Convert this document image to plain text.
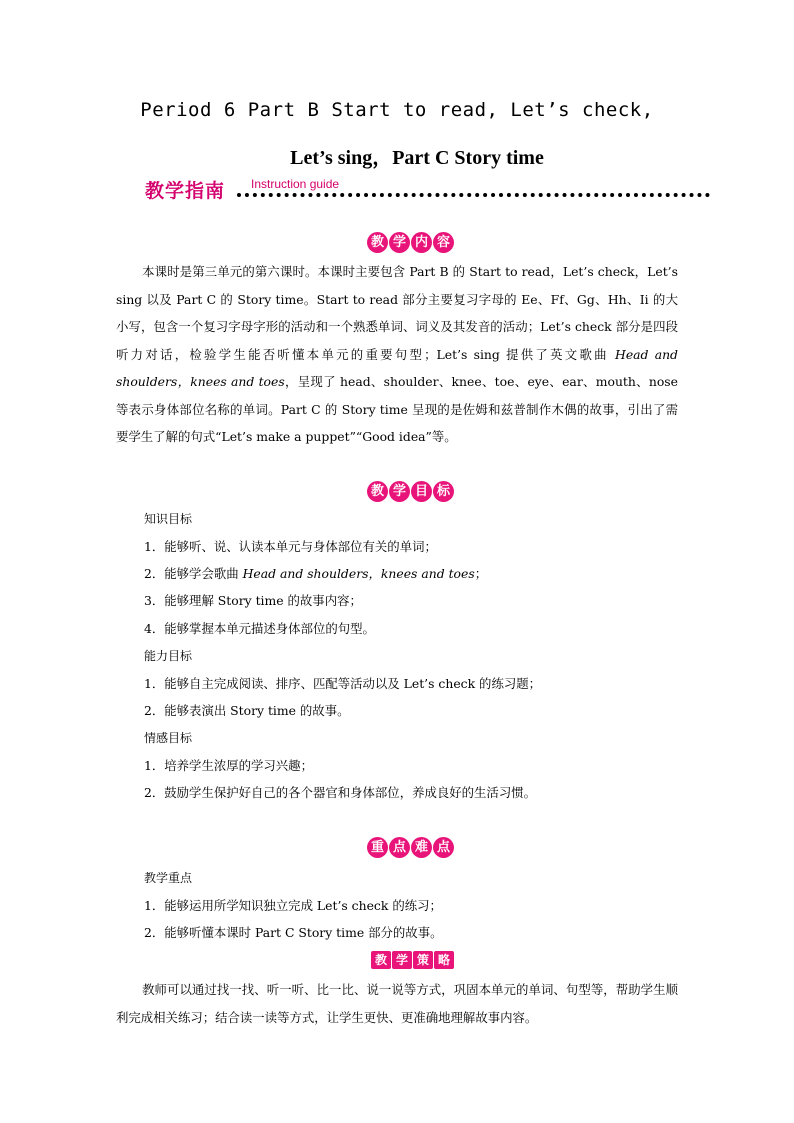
Period 6 Part B Start to read, Let’s check,
Let’s sing，Part C Story time
教学指南 Instruction guide
教 学 内 容
本课时是第三单元的第六课时。本课时主要包含 Part B 的 Start to read，Let’s check，Let’s sing 以及 Part C 的 Story time。Start to read 部分主要复习字母的 Ee、Ff、Gg、Hh、Ii 的大小写，包含一个复习字母字形的活动和一个熟悉单词、词义及其发音的活动；Let’s check 部分是四段听力对话，检验学生能否听懂本单元的重要句型；Let’s sing 提供了英文歌曲 Head and shoulders，knees and toes，呈现了 head、shoulder、knee、toe、eye、ear、mouth、nose 等表示身体部位名称的单词。Part C 的 Story time 呈现的是佐姆和兹普制作木偶的故事，引出了需要学生了解的句式“Let’s make a puppet”“Good idea”等。
教 学 目 标
知识目标
1．能够听、说、认读本单元与身体部位有关的单词；
2．能够学会歌曲 Head and shoulders，knees and toes；
3．能够理解 Story time 的故事内容；
4．能够掌握本单元描述身体部位的句型。
能力目标
1．能够自主完成阅读、排序、匹配等活动以及 Let’s check 的练习题；
2．能够表演出 Story time 的故事。
情感目标
1．培养学生浓厚的学习兴趣；
2．鼓励学生保护好自己的各个器官和身体部位，养成良好的生活习惯。
重 点 难 点
教学重点
1．能够运用所学知识独立完成 Let’s check 的练习；
2．能够听懂本课时 Part C Story time 部分的故事。
教 学 策 略
教师可以通过找一找、听一听、比一比、说一说等方式，巩固本单元的单词、句型等，帮助学生顺利完成相关练习；结合读一读等方式，让学生更快、更准确地理解故事内容。
